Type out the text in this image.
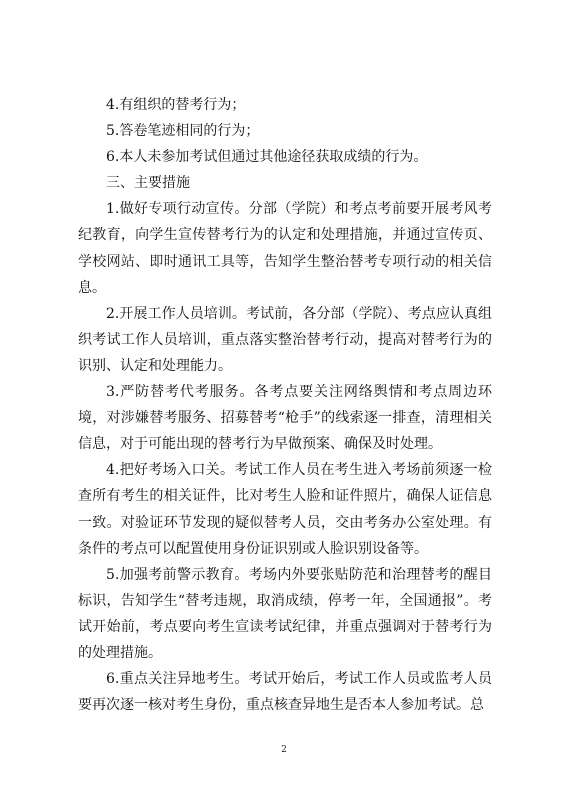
4.有组织的替考行为；

5.答卷笔迹相同的行为；

6.本人未参加考试但通过其他途径获取成绩的行为。

三、主要措施

1.做好专项行动宣传。分部（学院）和考点考前要开展考风考纪教育，向学生宣传替考行为的认定和处理措施，并通过宣传页、学校网站、即时通讯工具等，告知学生整治替考专项行动的相关信息。

2.开展工作人员培训。考试前，各分部（学院）、考点应认真组织考试工作人员培训，重点落实整治替考行动，提高对替考行为的识别、认定和处理能力。

3.严防替考代考服务。各考点要关注网络舆情和考点周边环境，对涉嫌替考服务、招募替考“枪手”的线索逐一排查，清理相关信息，对于可能出现的替考行为早做预案、确保及时处理。

4.把好考场入口关。考试工作人员在考生进入考场前须逐一检查所有考生的相关证件，比对考生人脸和证件照片，确保人证信息一致。对验证环节发现的疑似替考人员，交由考务办公室处理。有条件的考点可以配置使用身份证识别或人脸识别设备等。

5.加强考前警示教育。考场内外要张贴防范和治理替考的醒目标识，告知学生“替考违规，取消成绩，停考一年，全国通报”。考试开始前，考点要向考生宣读考试纪律，并重点强调对于替考行为的处理措施。

6.重点关注异地考生。考试开始后，考试工作人员或监考人员要再次逐一核对考生身份，重点核查异地生是否本人参加考试。总

2
